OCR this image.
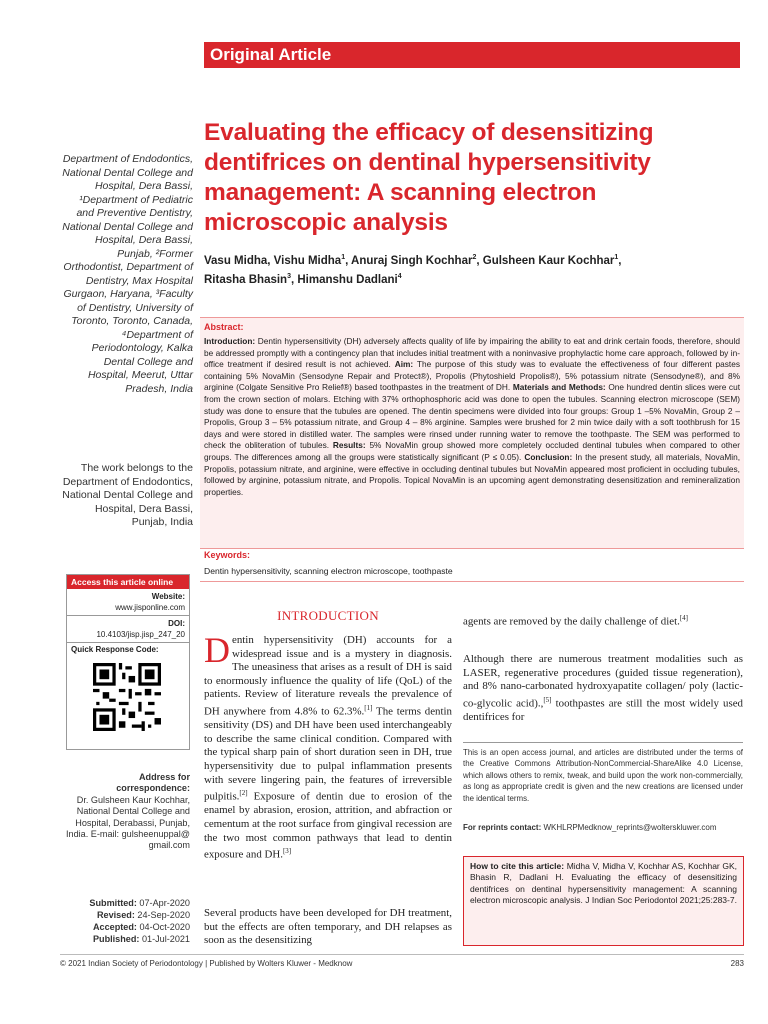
Original Article
Evaluating the efficacy of desensitizing dentifrices on dentinal hypersensitivity management: A scanning electron microscopic analysis
Vasu Midha, Vishu Midha$^1$, Anuraj Singh Kochhar$^2$, Gulsheen Kaur Kochhar$^1$,
Ritasha Bhasin$^3$, Himanshu Dadlani$^4$
Department of Endodontics, National Dental College and Hospital, Dera Bassi, ¹Department of Pediatric and Preventive Dentistry, National Dental College and Hospital, Dera Bassi, Punjab, ²Former Orthodontist, Department of Dentistry, Max Hospital Gurgaon, Haryana, ³Faculty of Dentistry, University of Toronto, Toronto, Canada, ⁴Department of Periodontology, Kalka Dental College and Hospital, Meerut, Uttar Pradesh, India
The work belongs to the Department of Endodontics, National Dental College and Hospital, Dera Bassi, Punjab, India
Abstract:

Introduction: Dentin hypersensitivity (DH) adversely affects quality of life by impairing the ability to eat and drink certain foods, therefore, should be addressed promptly with a contingency plan that includes initial treatment with a noninvasive prophylactic home care approach, followed by in-office treatment if desired result is not achieved. Aim: The purpose of this study was to evaluate the effectiveness of four different pastes containing 5% NovaMin (Sensodyne Repair and Protect®), Propolis (Phytoshield Propolis®), 5% potassium nitrate (Sensodyne®), and 8% arginine (Colgate Sensitive Pro Relief®) based toothpastes in the treatment of DH. Materials and Methods: One hundred dentin slices were cut from the crown section of molars. Etching with 37% orthophosphoric acid was done to open the tubules. Scanning electron microscope (SEM) study was done to ensure that the tubules are opened. The dentin specimens were divided into four groups: Group 1 –5% NovaMin, Group 2 – Propolis, Group 3 – 5% potassium nitrate, and Group 4 – 8% arginine. Samples were brushed for 2 min twice daily with a soft toothbrush for 15 days and were stored in distilled water. The samples were rinsed under running water to remove the toothpaste. The SEM was performed to check the obliteration of tubules. Results: 5% NovaMin group showed more completely occluded dentinal tubules when compared to other groups. The differences among all the groups were statistically significant (P ≤ 0.05). Conclusion: In the present study, all materials, NovaMin, Propolis, potassium nitrate, and arginine, were effective in occluding dentinal tubules but NovaMin appeared most proficient in occluding tubules, followed by arginine, potassium nitrate, and Propolis. Topical NovaMin is an upcoming agent demonstrating desensitization and remineralization properties.

Keywords:
Dentin hypersensitivity, scanning electron microscope, toothpaste
Access this article online
Website:
www.jisponline.com
DOI:
10.4103/jisp.jisp_247_20
Quick Response Code:
INTRODUCTION
Dentin hypersensitivity (DH) accounts for a widespread issue and is a mystery in diagnosis. The uneasiness that arises as a result of DH is said to enormously influence the quality of life (QoL) of the patients. Review of literature reveals the prevalence of DH anywhere from 4.8% to 62.3%.[1] The terms dentin sensitivity (DS) and DH have been used interchangeably to describe the same clinical condition. Compared with the typical sharp pain of short duration seen in DH, true hypersensitivity due to pulpal inflammation presents with severe lingering pain, the features of irreversible pulpitis.[2] Exposure of dentin due to erosion of the enamel by abrasion, erosion, attrition, and abfraction or cementum at the root surface from gingival recession are the two most common pathways that lead to dentin exposure and DH.[3]
Several products have been developed for DH treatment, but the effects are often temporary, and DH relapses as soon as the desensitizing
agents are removed by the daily challenge of diet.[4]
Although there are numerous treatment modalities such as LASER, regenerative procedures (guided tissue regeneration), and 8% nano-carbonated hydroxyapatite collagen/ poly (lactic-co-glycolic acid).,[5] toothpastes are still the most widely used dentifrices for
This is an open access journal, and articles are distributed under the terms of the Creative Commons Attribution-NonCommercial-ShareAlike 4.0 License, which allows others to remix, tweak, and build upon the work non-commercially, as long as appropriate credit is given and the new creations are licensed under the identical terms.
For reprints contact: WKHLRPMedknow_reprints@wolterskluwer.com
How to cite this article: Midha V, Midha V, Kochhar AS, Kochhar GK, Bhasin R, Dadlani H. Evaluating the efficacy of desensitizing dentifrices on dentinal hypersensitivity management: A scanning electron microscopic analysis. J Indian Soc Periodontol 2021;25:283-7.
Address for
correspondence:
Dr. Gulsheen Kaur Kochhar, National Dental College and Hospital, Derabassi, Punjab, India. E-mail: gulsheenuppal@ gmail.com
Submitted: 07-Apr-2020
Revised: 24-Sep-2020
Accepted: 04-Oct-2020
Published: 01-Jul-2021
© 2021 Indian Society of Periodontology | Published by Wolters Kluwer - Medknow	283
